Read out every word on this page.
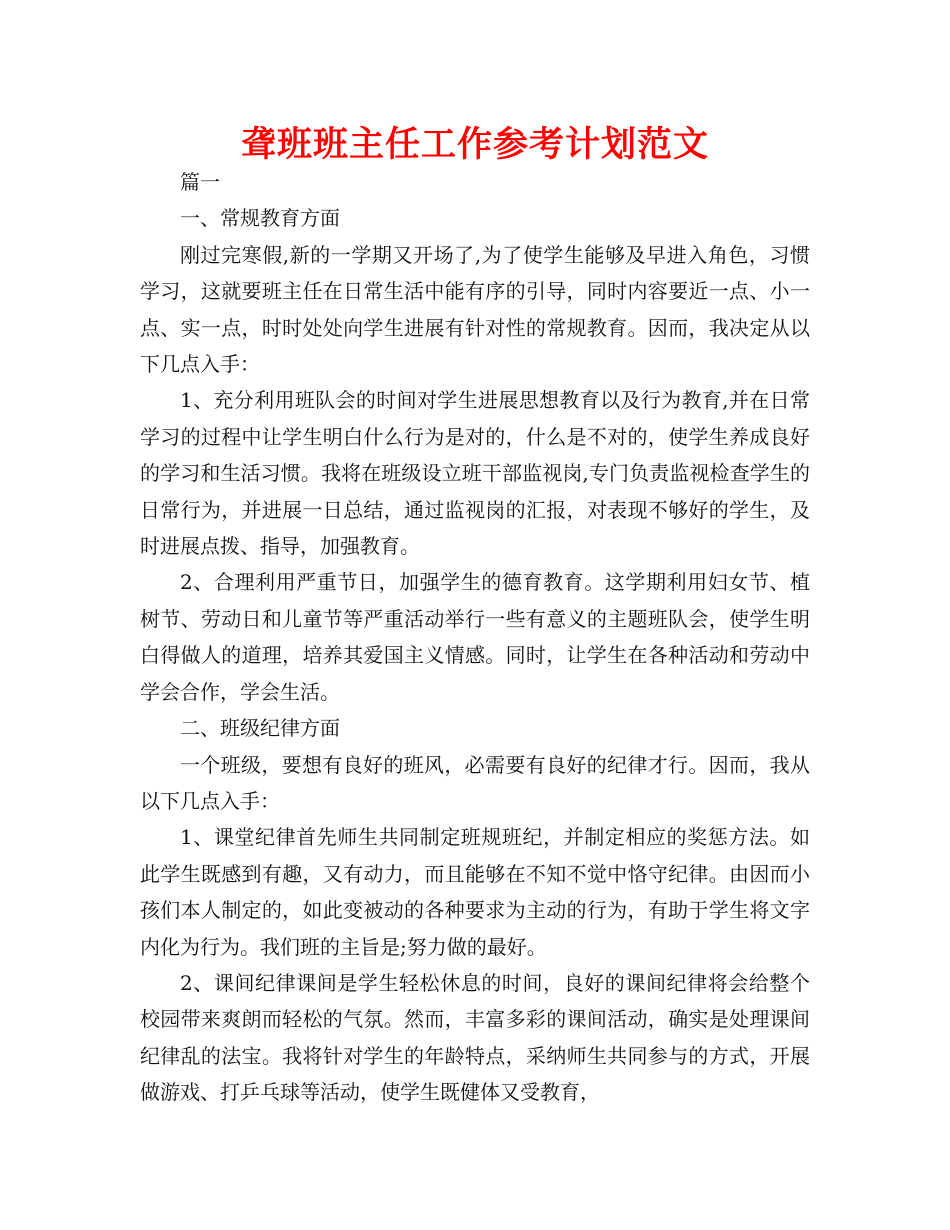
聋班班主任工作参考计划范文

篇一

一、常规教育方面

刚过完寒假,新的一学期又开场了,为了使学生能够及早进入角色，习惯学习，这就要班主任在日常生活中能有序的引导，同时内容要近一点、小一点、实一点，时时处处向学生进展有针对性的常规教育。因而，我决定从以下几点入手：

1、充分利用班队会的时间对学生进展思想教育以及行为教育,并在日常学习的过程中让学生明白什么行为是对的，什么是不对的，使学生养成良好的学习和生活习惯。我将在班级设立班干部监视岗,专门负责监视检查学生的日常行为，并进展一日总结，通过监视岗的汇报，对表现不够好的学生，及时进展点拨、指导，加强教育。

2、合理利用严重节日，加强学生的德育教育。这学期利用妇女节、植树节、劳动日和儿童节等严重活动举行一些有意义的主题班队会，使学生明白得做人的道理，培养其爱国主义情感。同时，让学生在各种活动和劳动中学会合作，学会生活。

二、班级纪律方面

一个班级，要想有良好的班风，必需要有良好的纪律才行。因而，我从以下几点入手：

1、课堂纪律首先师生共同制定班规班纪，并制定相应的奖惩方法。如此学生既感到有趣，又有动力，而且能够在不知不觉中恪守纪律。由因而小孩们本人制定的，如此变被动的各种要求为主动的行为，有助于学生将文字内化为行为。我们班的主旨是;努力做的最好。

2、课间纪律课间是学生轻松休息的时间，良好的课间纪律将会给整个校园带来爽朗而轻松的气氛。然而，丰富多彩的课间活动，确实是处理课间纪律乱的法宝。我将针对学生的年龄特点，采纳师生共同参与的方式，开展做游戏、打乒乓球等活动，使学生既健体又受教育，
